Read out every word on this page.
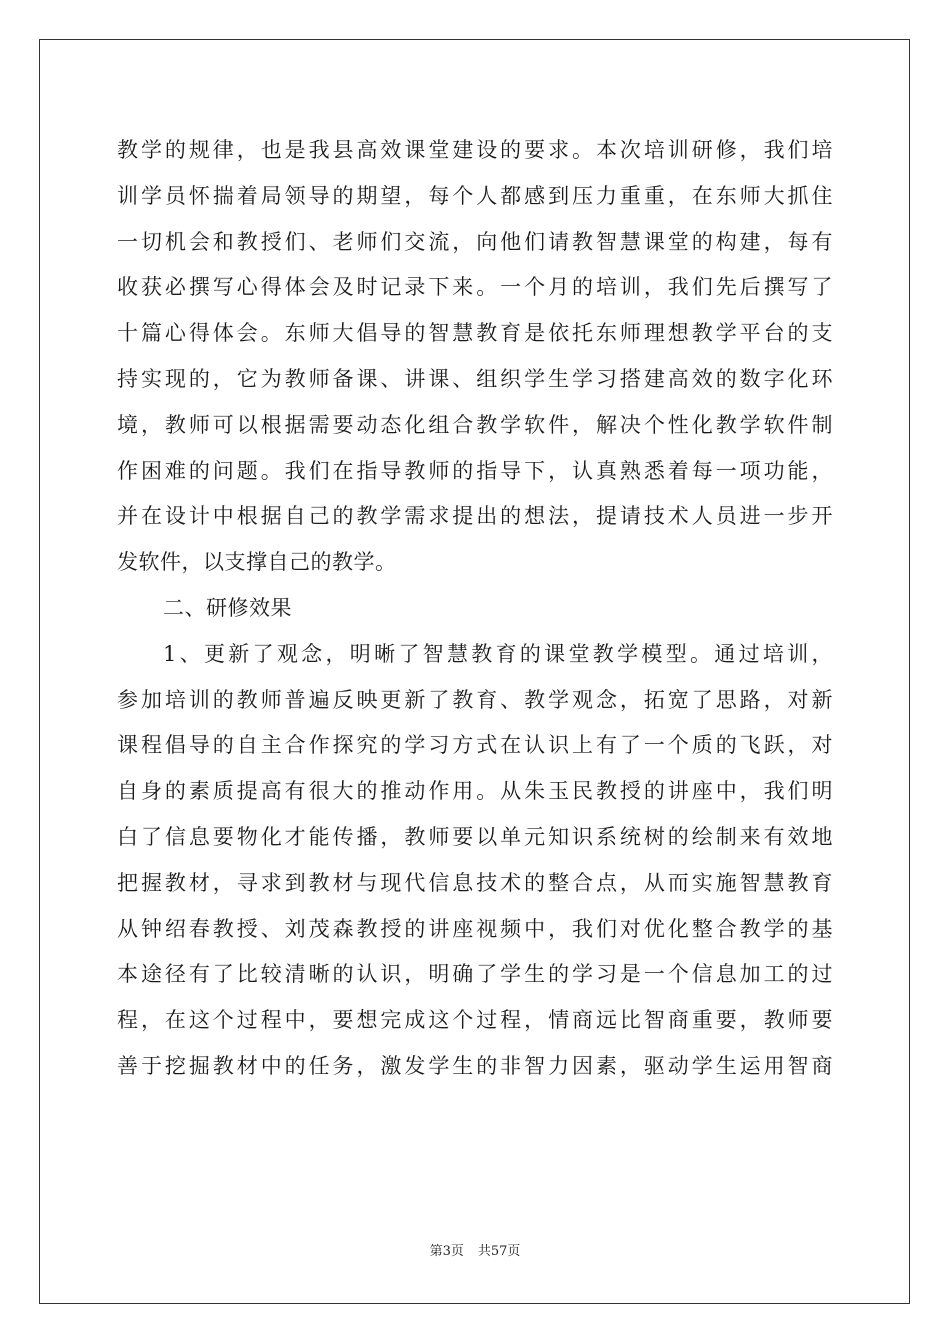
教学的规律，也是我县高效课堂建设的要求。本次培训研修，我们培
训学员怀揣着局领导的期望，每个人都感到压力重重，在东师大抓住
一切机会和教授们、老师们交流，向他们请教智慧课堂的构建，每有
收获必撰写心得体会及时记录下来。一个月的培训，我们先后撰写了
十篇心得体会。东师大倡导的智慧教育是依托东师理想教学平台的支
持实现的，它为教师备课、讲课、组织学生学习搭建高效的数字化环
境，教师可以根据需要动态化组合教学软件，解决个性化教学软件制
作困难的问题。我们在指导教师的指导下，认真熟悉着每一项功能，
并在设计中根据自己的教学需求提出的想法，提请技术人员进一步开
发软件，以支撑自己的教学。
二、研修效果
1、更新了观念，明晰了智慧教育的课堂教学模型。通过培训，
参加培训的教师普遍反映更新了教育、教学观念，拓宽了思路，对新
课程倡导的自主合作探究的学习方式在认识上有了一个质的飞跃，对
自身的素质提高有很大的推动作用。从朱玉民教授的讲座中，我们明
白了信息要物化才能传播，教师要以单元知识系统树的绘制来有效地
把握教材，寻求到教材与现代信息技术的整合点，从而实施智慧教育
从钟绍春教授、刘茂森教授的讲座视频中，我们对优化整合教学的基
本途径有了比较清晰的认识，明确了学生的学习是一个信息加工的过
程，在这个过程中，要想完成这个过程，情商远比智商重要，教师要
善于挖掘教材中的任务，激发学生的非智力因素，驱动学生运用智商
第3页 共57页
